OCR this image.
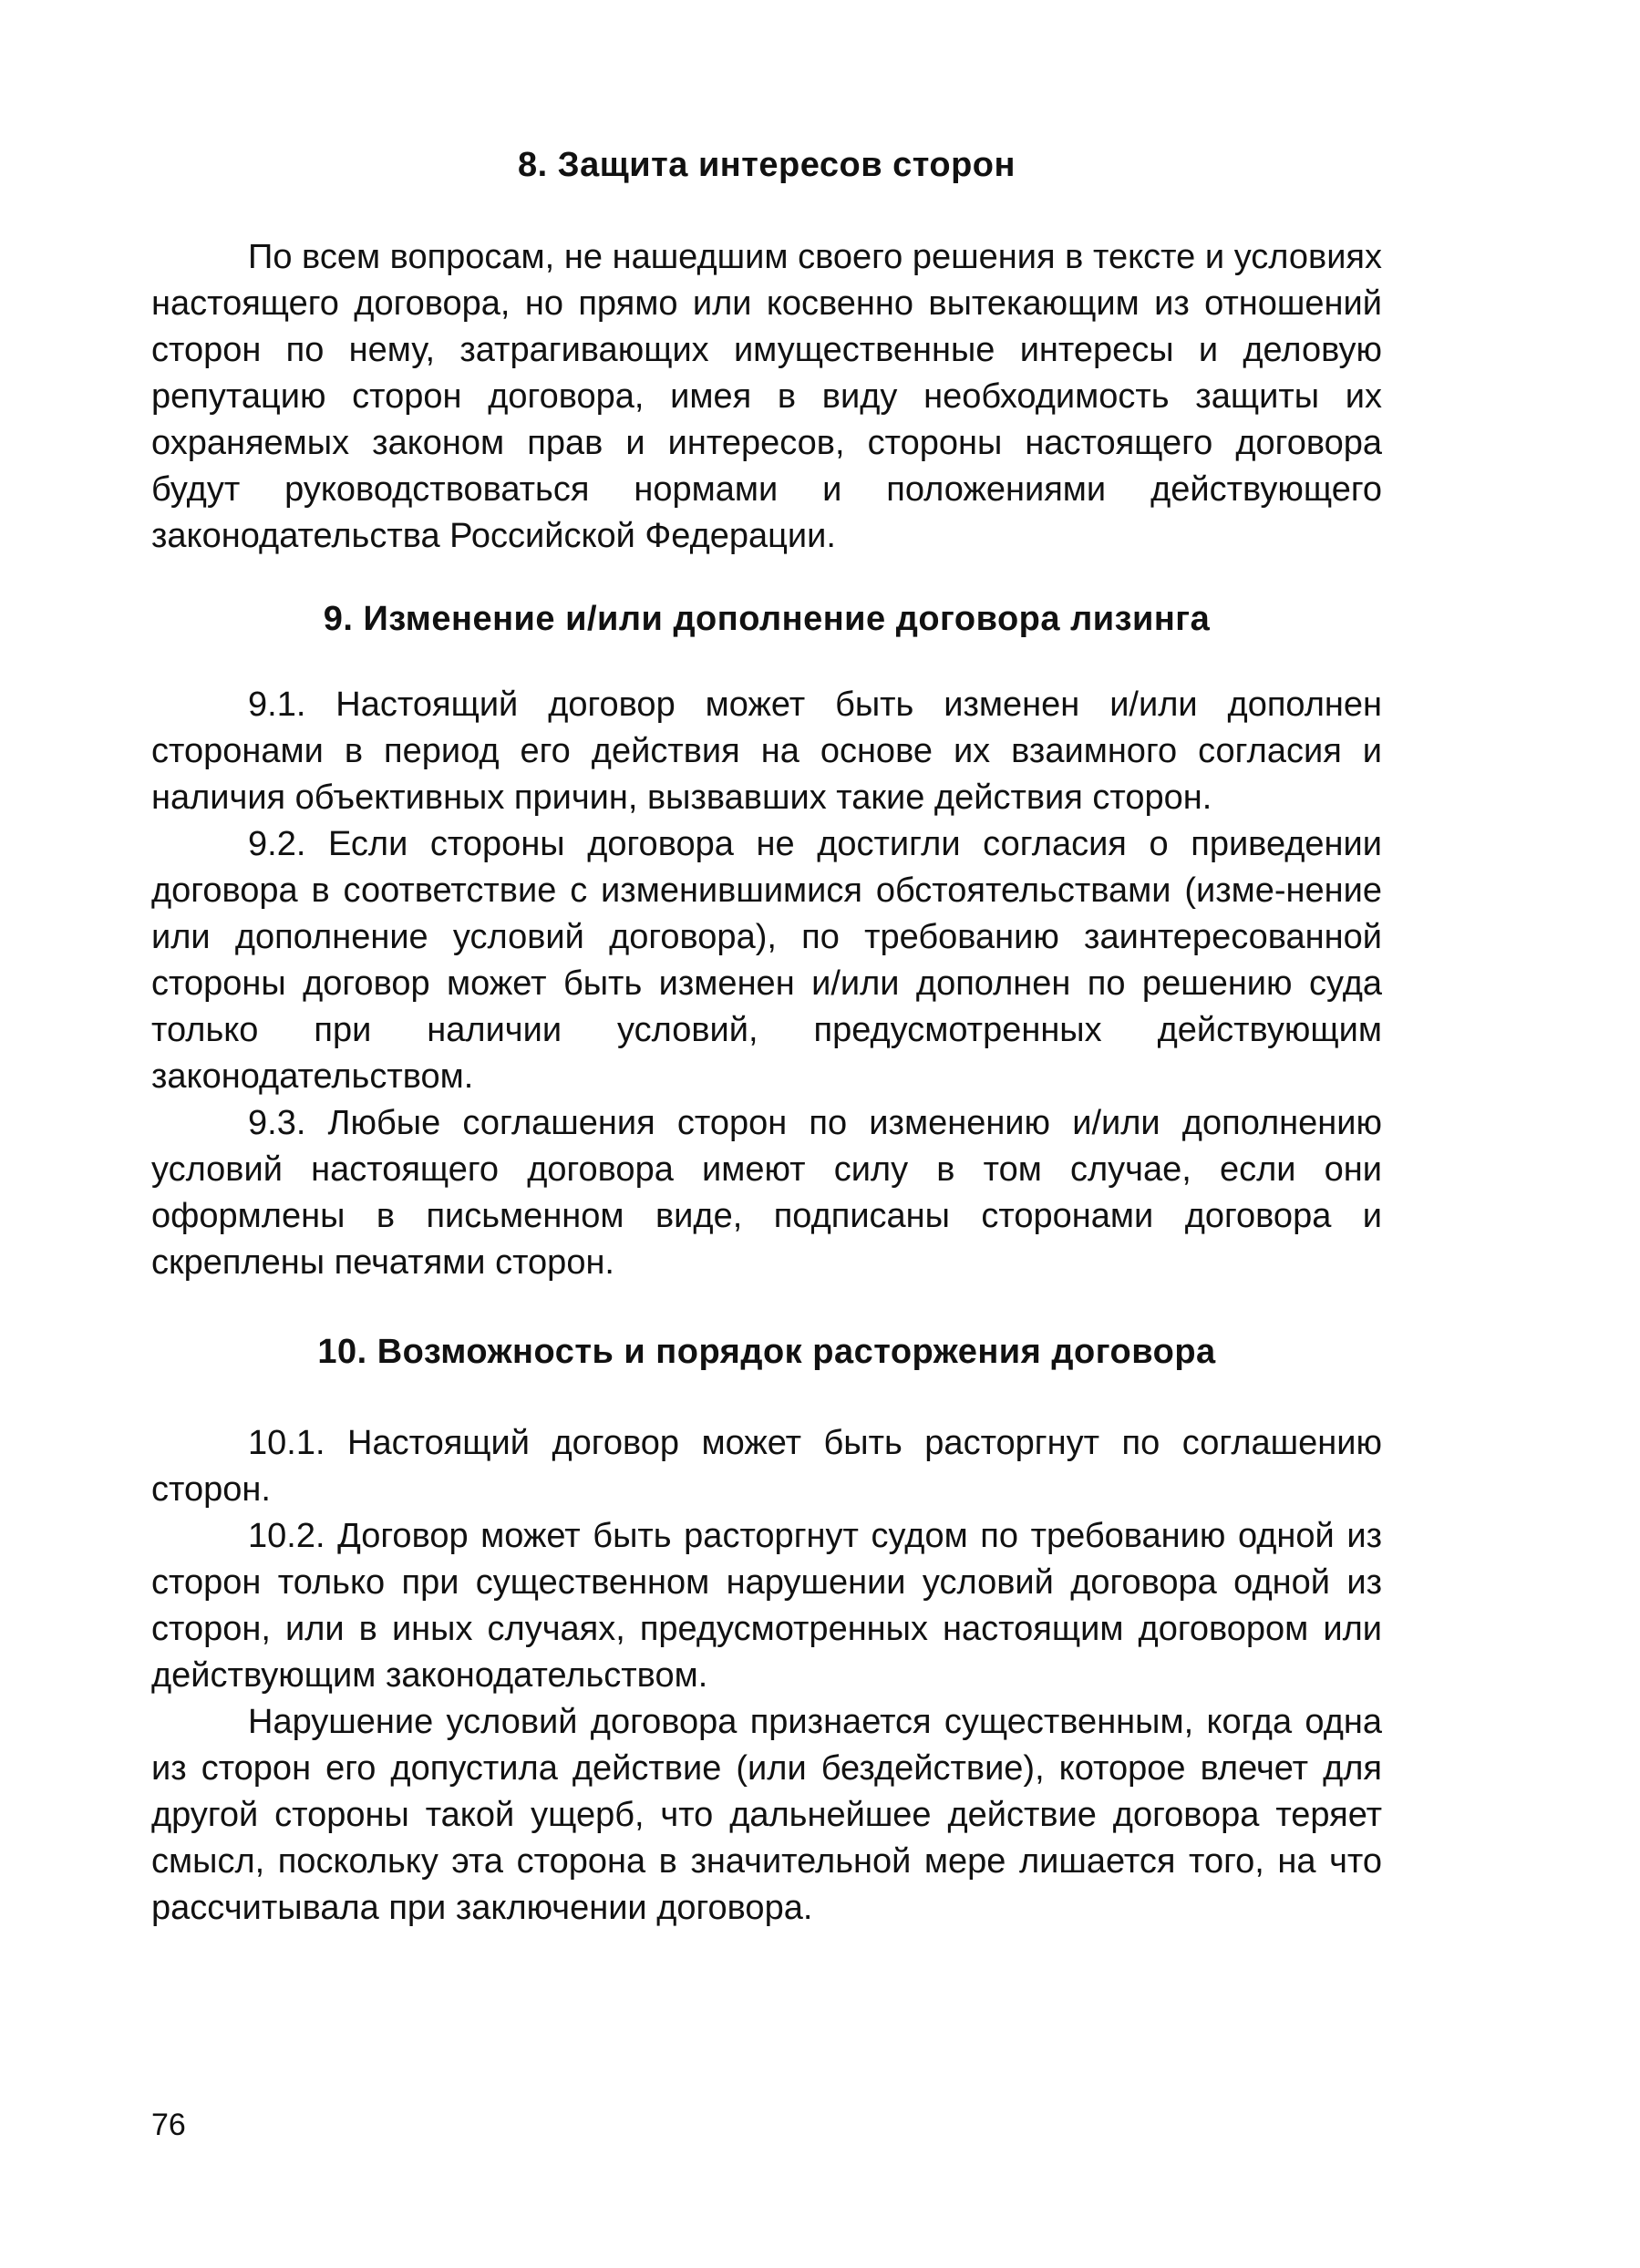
8. Защита интересов сторон

По всем вопросам, не нашедшим своего решения в тексте и условиях настоящего договора, но прямо или косвенно вытекающим из отношений сторон по нему, затрагивающих имущественные интересы и деловую репутацию сторон договора, имея в виду необходимость защиты их охраняемых законом прав и интересов, стороны настоящего договора будут руководствоваться нормами и положениями действующего законодательства Российской Федерации.

9. Изменение и/или дополнение договора лизинга

9.1. Настоящий договор может быть изменен и/или дополнен сторонами в период его действия на основе их взаимного согласия и наличия объективных причин, вызвавших такие действия сторон.

9.2. Если стороны договора не достигли согласия о приведении договора в соответствие с изменившимися обстоятельствами (изме-нение или дополнение условий договора), по требованию заинтересованной стороны договор может быть изменен и/или дополнен по решению суда только при наличии условий, предусмотренных действующим законодательством.

9.3. Любые соглашения сторон по изменению и/или дополнению условий настоящего договора имеют силу в том случае, если они оформлены в письменном виде, подписаны сторонами договора и скреплены печатями сторон.

10. Возможность и порядок расторжения договора

10.1. Настоящий договор может быть расторгнут по соглашению сторон.

10.2. Договор может быть расторгнут судом по требованию одной из сторон только при существенном нарушении условий договора одной из сторон, или в иных случаях, предусмотренных настоящим договором или действующим законодательством.

Нарушение условий договора признается существенным, когда одна из сторон его допустила действие (или бездействие), которое влечет для другой стороны такой ущерб, что дальнейшее действие договора теряет смысл, поскольку эта сторона в значительной мере лишается того, на что рассчитывала при заключении договора.

76
